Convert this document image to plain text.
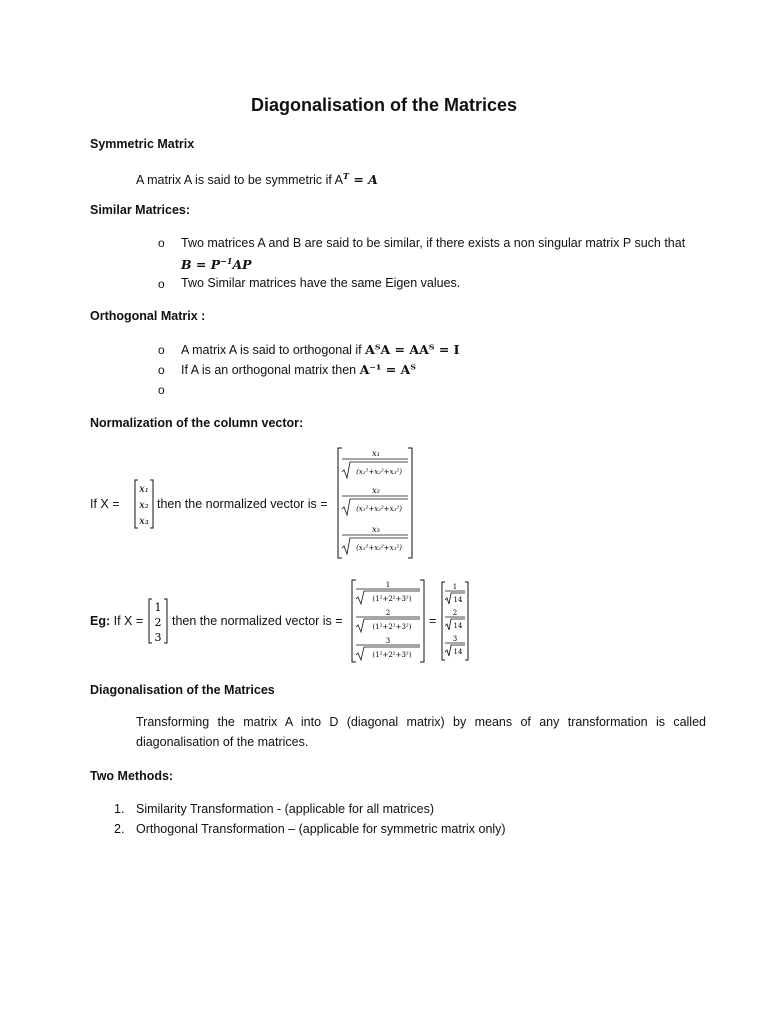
Diagonalisation of the Matrices
Symmetric Matrix
A matrix A is said to be symmetric if $A^T = A$
Similar Matrices:
o Two matrices A and B are said to be similar, if there exists a non singular matrix P such that
$B = P^{-1}AP$
o Two Similar matrices have the same Eigen values.
Orthogonal Matrix :
o A matrix A is said to orthogonal if AᵀA = AAᵀ = I
o If A is an orthogonal matrix then A⁻¹ = Aᵀ
o
Normalization of the column vector:
If X =
x₁
x₂
x₃
then the normalized vector is =
x₁
(x₁²+x₂²+x₃²)
x₂
(x₁²+x₂²+x₃²)
x₃
(x₁²+x₂²+x₃²)
Eg: If X =
1
2
3
then the normalized vector is =
1
(1²+2²+3²)
2
(1²+2²+3²)
3
(1²+2²+3²)
=
1
14
2
14
3
14
Diagonalisation of the Matrices
Transforming the matrix A into D (diagonal matrix) by means of any transformation is called diagonalisation of the matrices.
Two Methods:
1. Similarity Transformation - (applicable for all matrices)
2. Orthogonal Transformation – (applicable for symmetric matrix only)
